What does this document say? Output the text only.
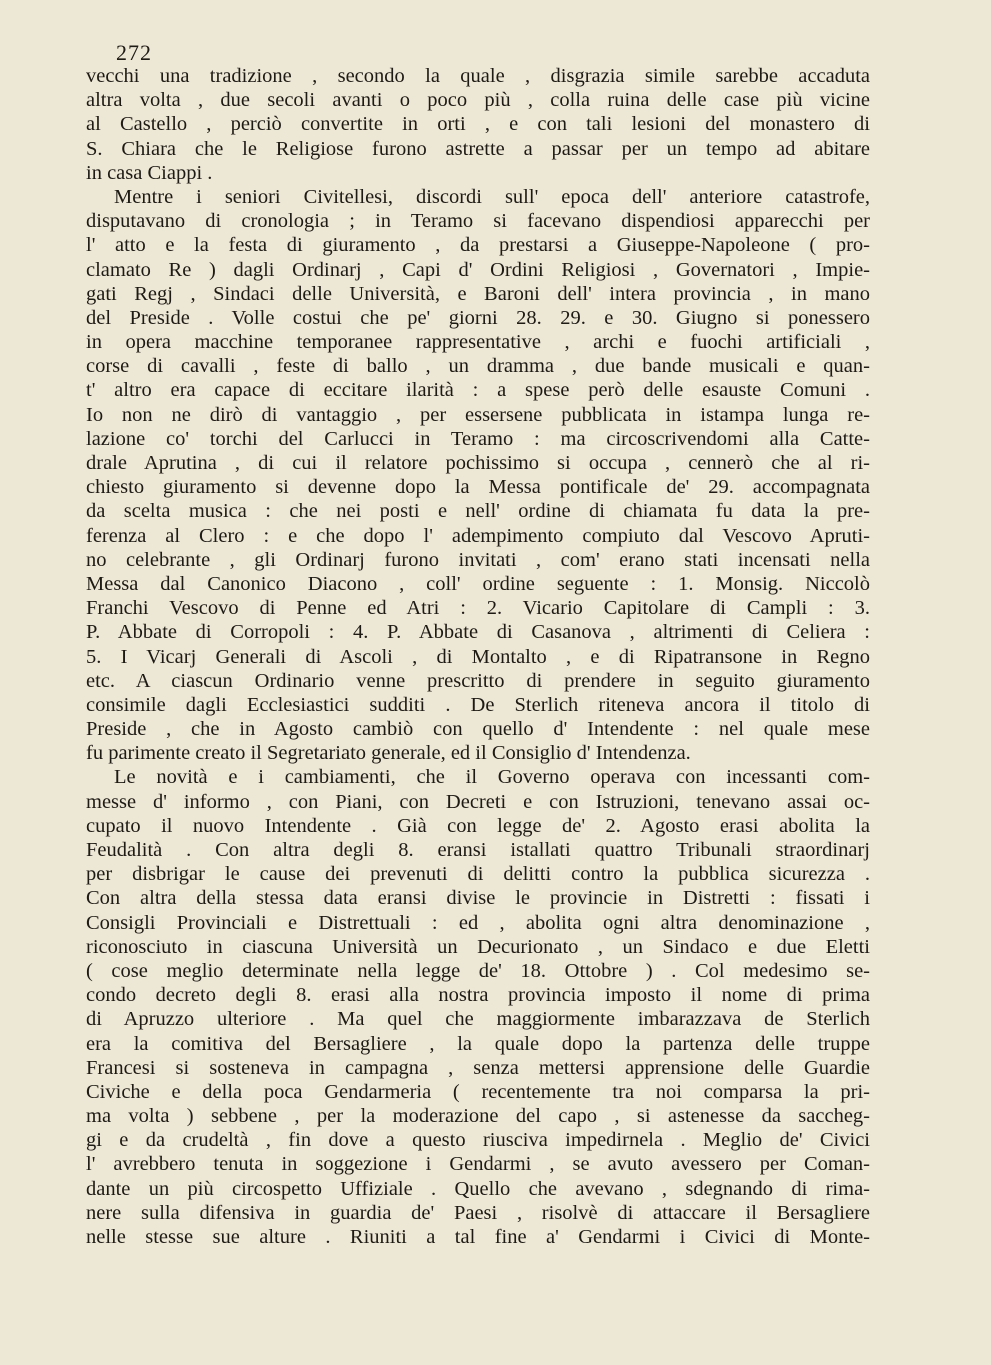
272
vecchi una tradizione , secondo la quale , disgrazia simile sarebbe accaduta
altra volta , due secoli avanti o poco più , colla ruina delle case più vicine
al Castello , perciò convertite in orti , e con tali lesioni del monastero di
S. Chiara che le Religiose furono astrette a passar per un tempo ad abitare
in casa Ciappi .
Mentre i seniori Civitellesi, discordi sull' epoca dell' anteriore catastrofe,
disputavano di cronologia ; in Teramo si facevano dispendiosi apparecchi per
l' atto e la festa di giuramento , da prestarsi a Giuseppe-Napoleone ( pro-
clamato Re ) dagli Ordinarj , Capi d' Ordini Religiosi , Governatori , Impie-
gati Regj , Sindaci delle Università, e Baroni dell' intera provincia , in mano
del Preside . Volle costui che pe' giorni 28. 29. e 30. Giugno si ponessero
in opera macchine temporanee rappresentative , archi e fuochi artificiali ,
corse di cavalli , feste di ballo , un dramma , due bande musicali e quan-
t' altro era capace di eccitare ilarità : a spese però delle esauste Comuni .
Io non ne dirò di vantaggio , per essersene pubblicata in istampa lunga re-
lazione co' torchi del Carlucci in Teramo : ma circoscrivendomi alla Catte-
drale Aprutina , di cui il relatore pochissimo si occupa , cennerò che al ri-
chiesto giuramento si devenne dopo la Messa pontificale de' 29. accompagnata
da scelta musica : che nei posti e nell' ordine di chiamata fu data la pre-
ferenza al Clero : e che dopo l' adempimento compiuto dal Vescovo Apruti-
no celebrante , gli Ordinarj furono invitati , com' erano stati incensati nella
Messa dal Canonico Diacono , coll' ordine seguente : 1. Monsig. Niccolò
Franchi Vescovo di Penne ed Atri : 2. Vicario Capitolare di Campli : 3.
P. Abbate di Corropoli : 4. P. Abbate di Casanova , altrimenti di Celiera :
5. I Vicarj Generali di Ascoli , di Montalto , e di Ripatransone in Regno
etc. A ciascun Ordinario venne prescritto di prendere in seguito giuramento
consimile dagli Ecclesiastici sudditi . De Sterlich riteneva ancora il titolo di
Preside , che in Agosto cambiò con quello d' Intendente : nel quale mese
fu parimente creato il Segretariato generale, ed il Consiglio d' Intendenza.
Le novità e i cambiamenti, che il Governo operava con incessanti com-
messe d' informo , con Piani, con Decreti e con Istruzioni, tenevano assai oc-
cupato il nuovo Intendente . Già con legge de' 2. Agosto erasi abolita la
Feudalità . Con altra degli 8. eransi istallati quattro Tribunali straordinarj
per disbrigar le cause dei prevenuti di delitti contro la pubblica sicurezza .
Con altra della stessa data eransi divise le provincie in Distretti : fissati i
Consigli Provinciali e Distrettuali : ed , abolita ogni altra denominazione ,
riconosciuto in ciascuna Università un Decurionato , un Sindaco e due Eletti
( cose meglio determinate nella legge de' 18. Ottobre ) . Col medesimo se-
condo decreto degli 8. erasi alla nostra provincia imposto il nome di prima
di Apruzzo ulteriore . Ma quel che maggiormente imbarazzava de Sterlich
era la comitiva del Bersagliere , la quale dopo la partenza delle truppe
Francesi si sosteneva in campagna , senza mettersi apprensione delle Guardie
Civiche e della poca Gendarmeria ( recentemente tra noi comparsa la pri-
ma volta ) sebbene , per la moderazione del capo , si astenesse da saccheg-
gi e da crudeltà , fin dove a questo riusciva impedirnela . Meglio de' Civici
l' avrebbero tenuta in soggezione i Gendarmi , se avuto avessero per Coman-
dante un più circospetto Uffiziale . Quello che avevano , sdegnando di rima-
nere sulla difensiva in guardia de' Paesi , risolvè di attaccare il Bersagliere
nelle stesse sue alture . Riuniti a tal fine a' Gendarmi i Civici di Monte-
